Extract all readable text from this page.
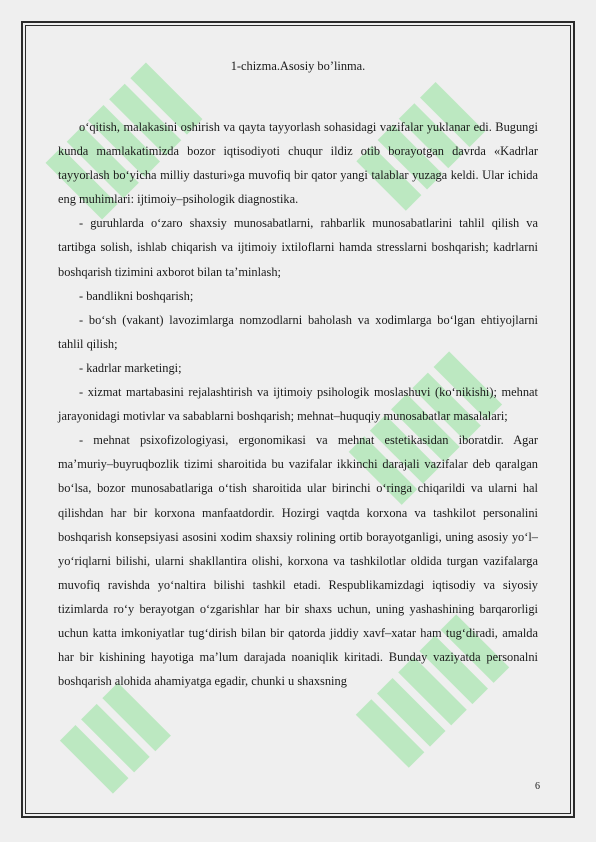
1-chizma.Asosiy bo’linma.

o‘qitish, malakasini oshirish va qayta tayyorlash sohasidagi vazifalar yuklanar edi. Bugungi kunda mamlakatimizda bozor iqtisodiyoti chuqur ildiz otib borayotgan davrda «Kadrlar tayyorlash bo‘yicha milliy dasturi»ga muvofiq bir qator yangi talablar yuzaga keldi. Ular ichida eng muhimlari: ijtimoiy–psihologik diagnostika.

- guruhlarda o‘zaro shaxsiy munosabatlarni, rahbarlik munosabatlarini tahlil qilish va tartibga solish, ishlab chiqarish va ijtimoiy ixtiloflarni hamda stresslarni boshqarish; kadrlarni boshqarish tizimini axborot bilan ta’minlash;

- bandlikni boshqarish;

- bo‘sh (vakant) lavozimlarga nomzodlarni baholash va xodimlarga bo‘lgan ehtiyojlarni tahlil qilish;

- kadrlar marketingi;

- xizmat martabasini rejalashtirish va ijtimoiy psihologik moslashuvi (ko‘nikishi); mehnat jarayonidagi motivlar va sabablarni boshqarish; mehnat–huquqiy munosabatlar masalalari;

- mehnat psixofizologiyasi, ergonomikasi va mehnat estetikasidan iboratdir. Agar ma’muriy–buyruqbozlik tizimi sharoitida bu vazifalar ikkinchi darajali vazifalar deb qaralgan bo‘lsa, bozor munosabatlariga o‘tish sharoitida ular birinchi o‘ringa chiqarildi va ularni hal qilishdan har bir korxona manfaatdordir. Hozirgi vaqtda korxona va tashkilot personalini boshqarish konsepsiyasi asosini xodim shaxsiy rolining ortib borayotganligi, uning asosiy yo‘l–yo‘riqlarni bilishi, ularni shakllantira olishi, korxona va tashkilotlar oldida turgan vazifalarga muvofiq ravishda yo‘naltira bilishi tashkil etadi. Respublikamizdagi iqtisodiy va siyosiy tizimlarda ro‘y berayotgan o‘zgarishlar har bir shaxs uchun, uning yashashining barqarorligi uchun katta imkoniyatlar tug‘dirish bilan bir qatorda jiddiy xavf–xatar ham tug‘diradi, amalda har bir kishining hayotiga ma’lum darajada noaniqlik kiritadi. Bunday vaziyatda personalni boshqarish alohida ahamiyatga egadir, chunki u shaxsning

6
